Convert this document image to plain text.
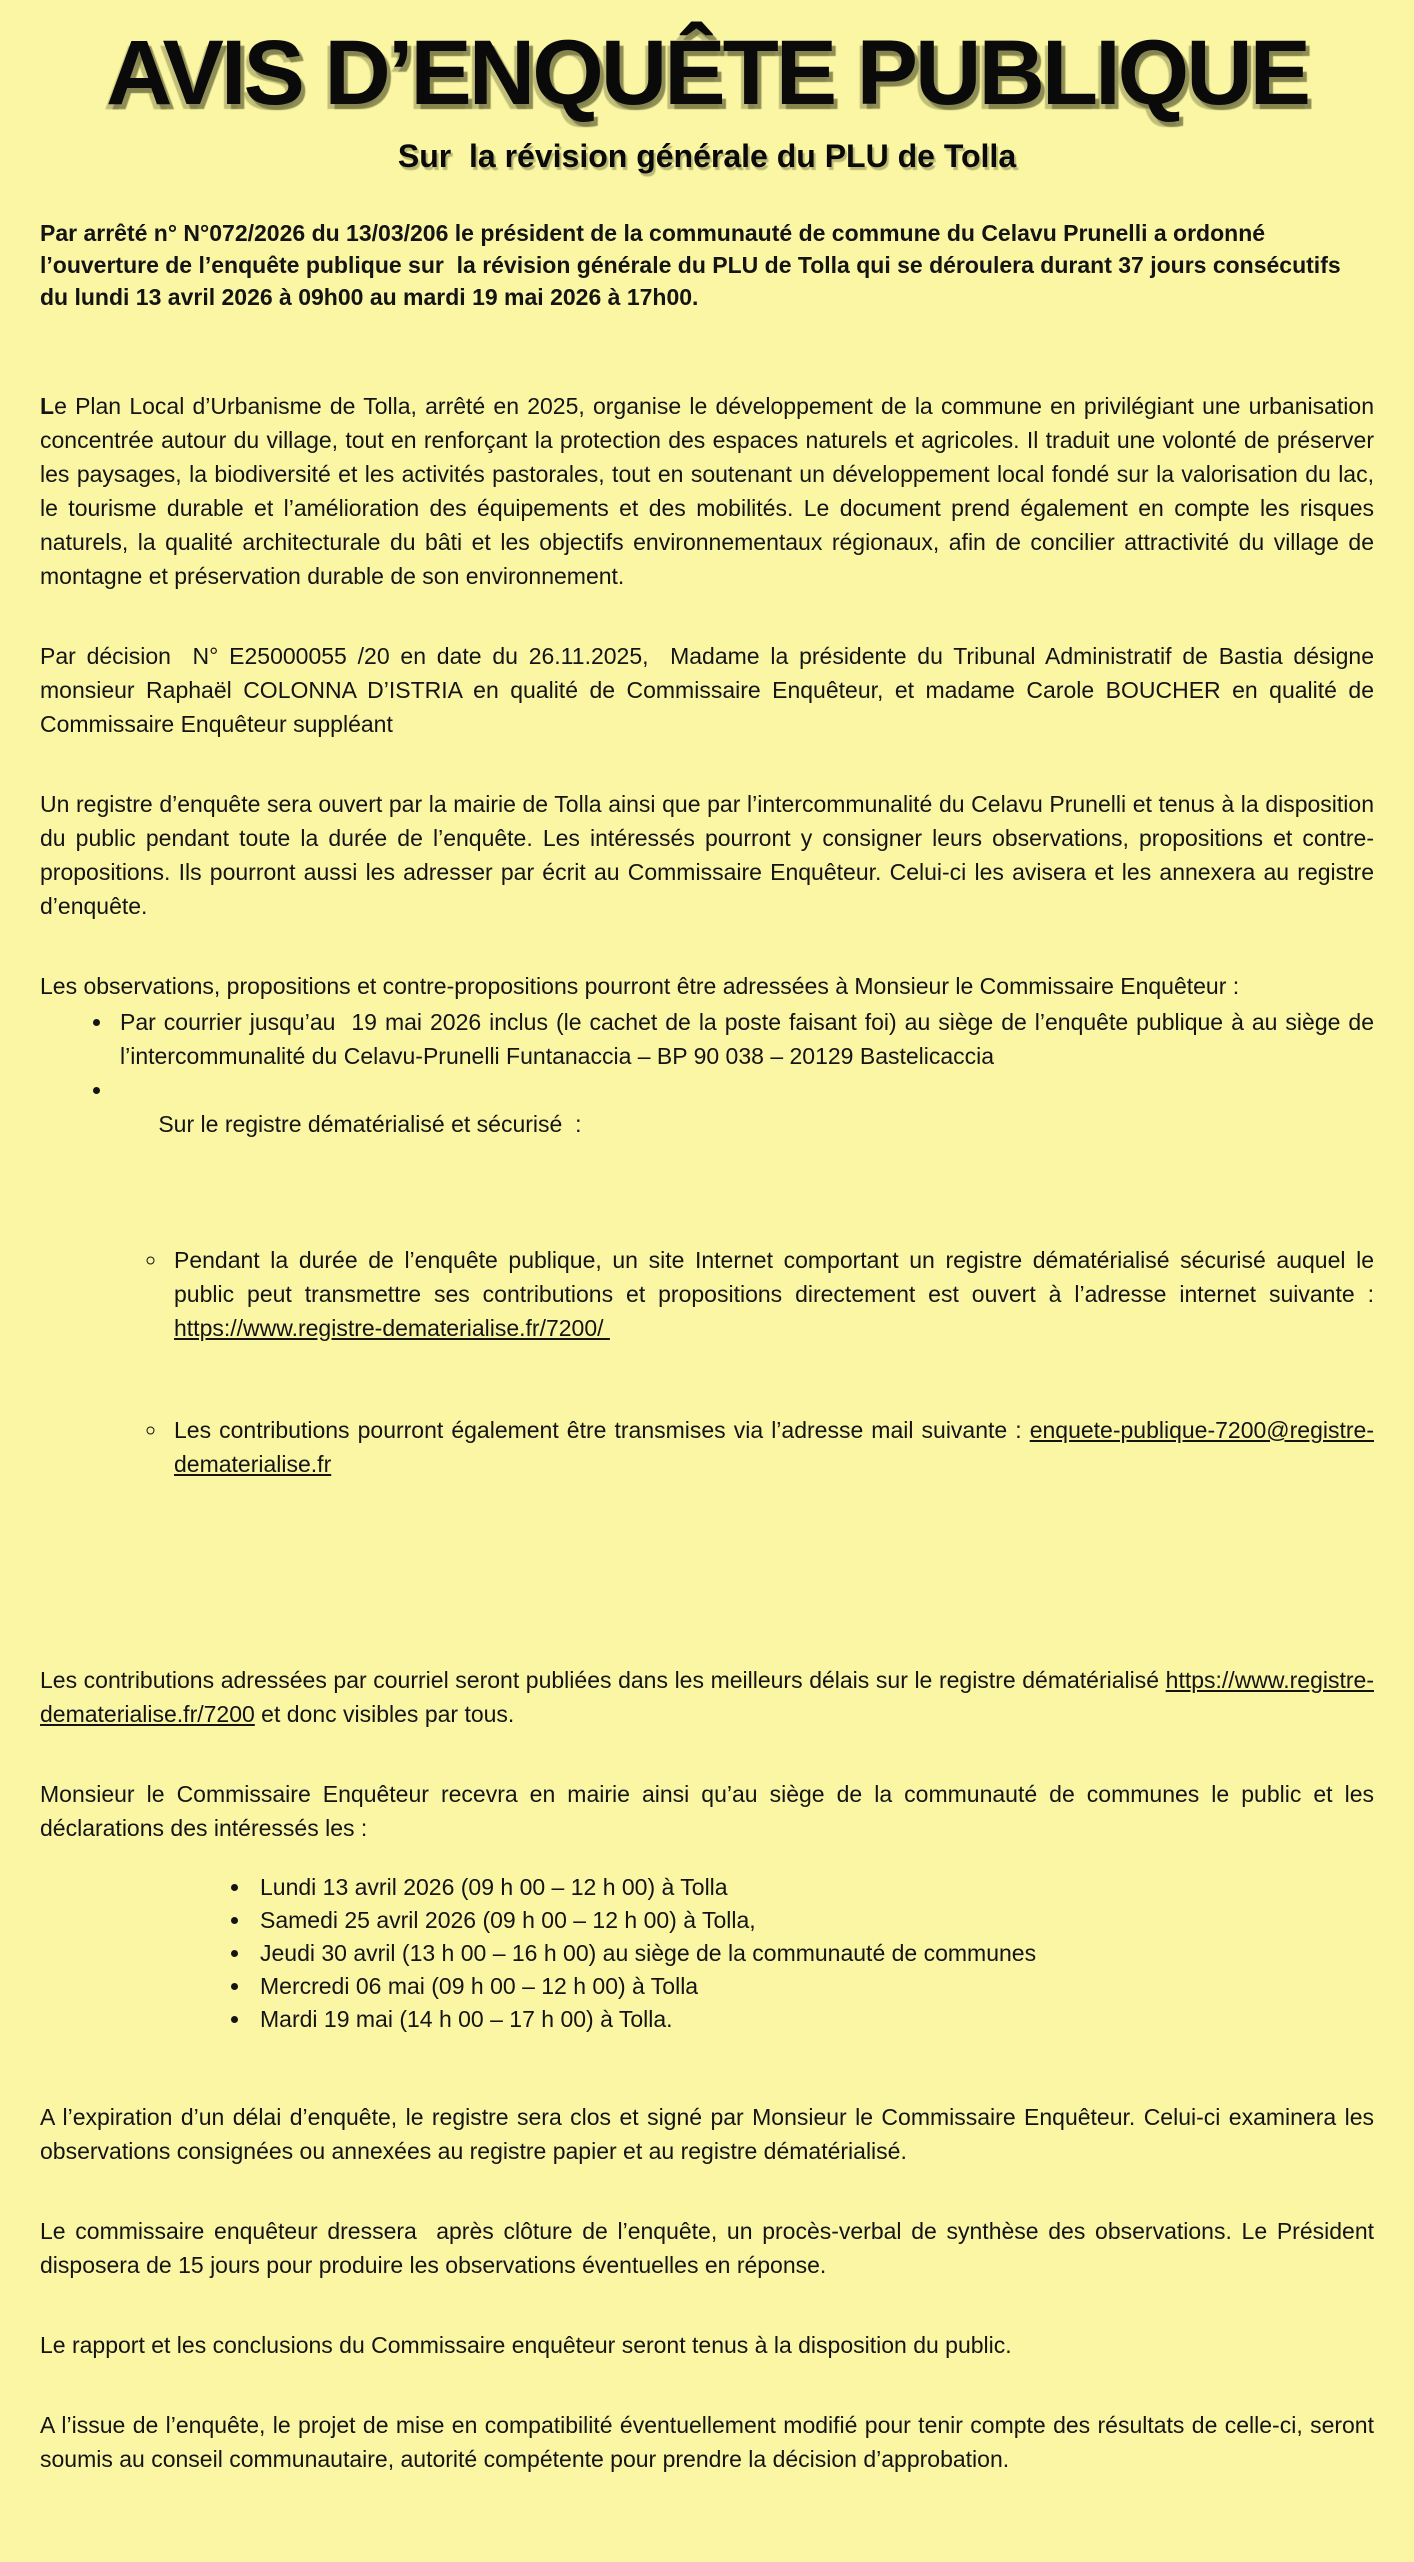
AVIS D’ENQUÊTE PUBLIQUE
Sur  la révision générale du PLU de Tolla

Par arrêté n° N°072/2026 du 13/03/206 le président de la communauté de commune du Celavu Prunelli a ordonné l’ouverture de l’enquête publique sur  la révision générale du PLU de Tolla qui se déroulera durant 37 jours consécutifs du lundi 13 avril 2026 à 09h00 au mardi 19 mai 2026 à 17h00.

Le Plan Local d’Urbanisme de Tolla, arrêté en 2025, organise le développement de la commune en privilégiant une urbanisation concentrée autour du village, tout en renforçant la protection des espaces naturels et agricoles. Il traduit une volonté de préserver les paysages, la biodiversité et les activités pastorales, tout en soutenant un développement local fondé sur la valorisation du lac, le tourisme durable et l’amélioration des équipements et des mobilités. Le document prend également en compte les risques naturels, la qualité architecturale du bâti et les objectifs environnementaux régionaux, afin de concilier attractivité du village de montagne et préservation durable de son environnement.

Par décision  N° E25000055 /20 en date du 26.11.2025,  Madame la présidente du Tribunal Administratif de Bastia désigne monsieur Raphaël COLONNA D’ISTRIA en qualité de Commissaire Enquêteur, et madame Carole BOUCHER en qualité de Commissaire Enquêteur suppléant

Un registre d’enquête sera ouvert par la mairie de Tolla ainsi que par l’intercommunalité du Celavu Prunelli et tenus à la disposition du public pendant toute la durée de l’enquête. Les intéressés pourront y consigner leurs observations, propositions et contre-propositions. Ils pourront aussi les adresser par écrit au Commissaire Enquêteur. Celui-ci les avisera et les annexera au registre d’enquête.

Les observations, propositions et contre-propositions pourront être adressées à Monsieur le Commissaire Enquêteur :

• Par courrier jusqu’au  19 mai 2026 inclus (le cachet de la poste faisant foi) au siège de l’enquête publique à au siège de l’intercommunalité du Celavu-Prunelli Funtanaccia – BP 90 038 – 20129 Bastelicaccia

• Sur le registre dématérialisé et sécurisé  :

◦ Pendant la durée de l’enquête publique, un site Internet comportant un registre dématérialisé sécurisé auquel le public peut transmettre ses contributions et propositions directement est ouvert à l’adresse internet suivante : https://www.registre-dematerialise.fr/7200/

◦ Les contributions pourront également être transmises via l’adresse mail suivante : enquete-publique-7200@registre-dematerialise.fr

Les contributions adressées par courriel seront publiées dans les meilleurs délais sur le registre dématérialisé https://www.registre-dematerialise.fr/7200 et donc visibles par tous.

Monsieur le Commissaire Enquêteur recevra en mairie ainsi qu’au siège de la communauté de communes le public et les déclarations des intéressés les :

• Lundi 13 avril 2026 (09 h 00 – 12 h 00) à Tolla
• Samedi 25 avril 2026 (09 h 00 – 12 h 00) à Tolla,
• Jeudi 30 avril (13 h 00 – 16 h 00) au siège de la communauté de communes
• Mercredi 06 mai (09 h 00 – 12 h 00) à Tolla
• Mardi 19 mai (14 h 00 – 17 h 00) à Tolla.

A l’expiration d’un délai d’enquête, le registre sera clos et signé par Monsieur le Commissaire Enquêteur. Celui-ci examinera les observations consignées ou annexées au registre papier et au registre dématérialisé.

Le commissaire enquêteur dressera  après clôture de l’enquête, un procès-verbal de synthèse des observations. Le Président disposera de 15 jours pour produire les observations éventuelles en réponse.

Le rapport et les conclusions du Commissaire enquêteur seront tenus à la disposition du public.

A l’issue de l’enquête, le projet de mise en compatibilité éventuellement modifié pour tenir compte des résultats de celle-ci, seront soumis au conseil communautaire, autorité compétente pour prendre la décision d’approbation.
